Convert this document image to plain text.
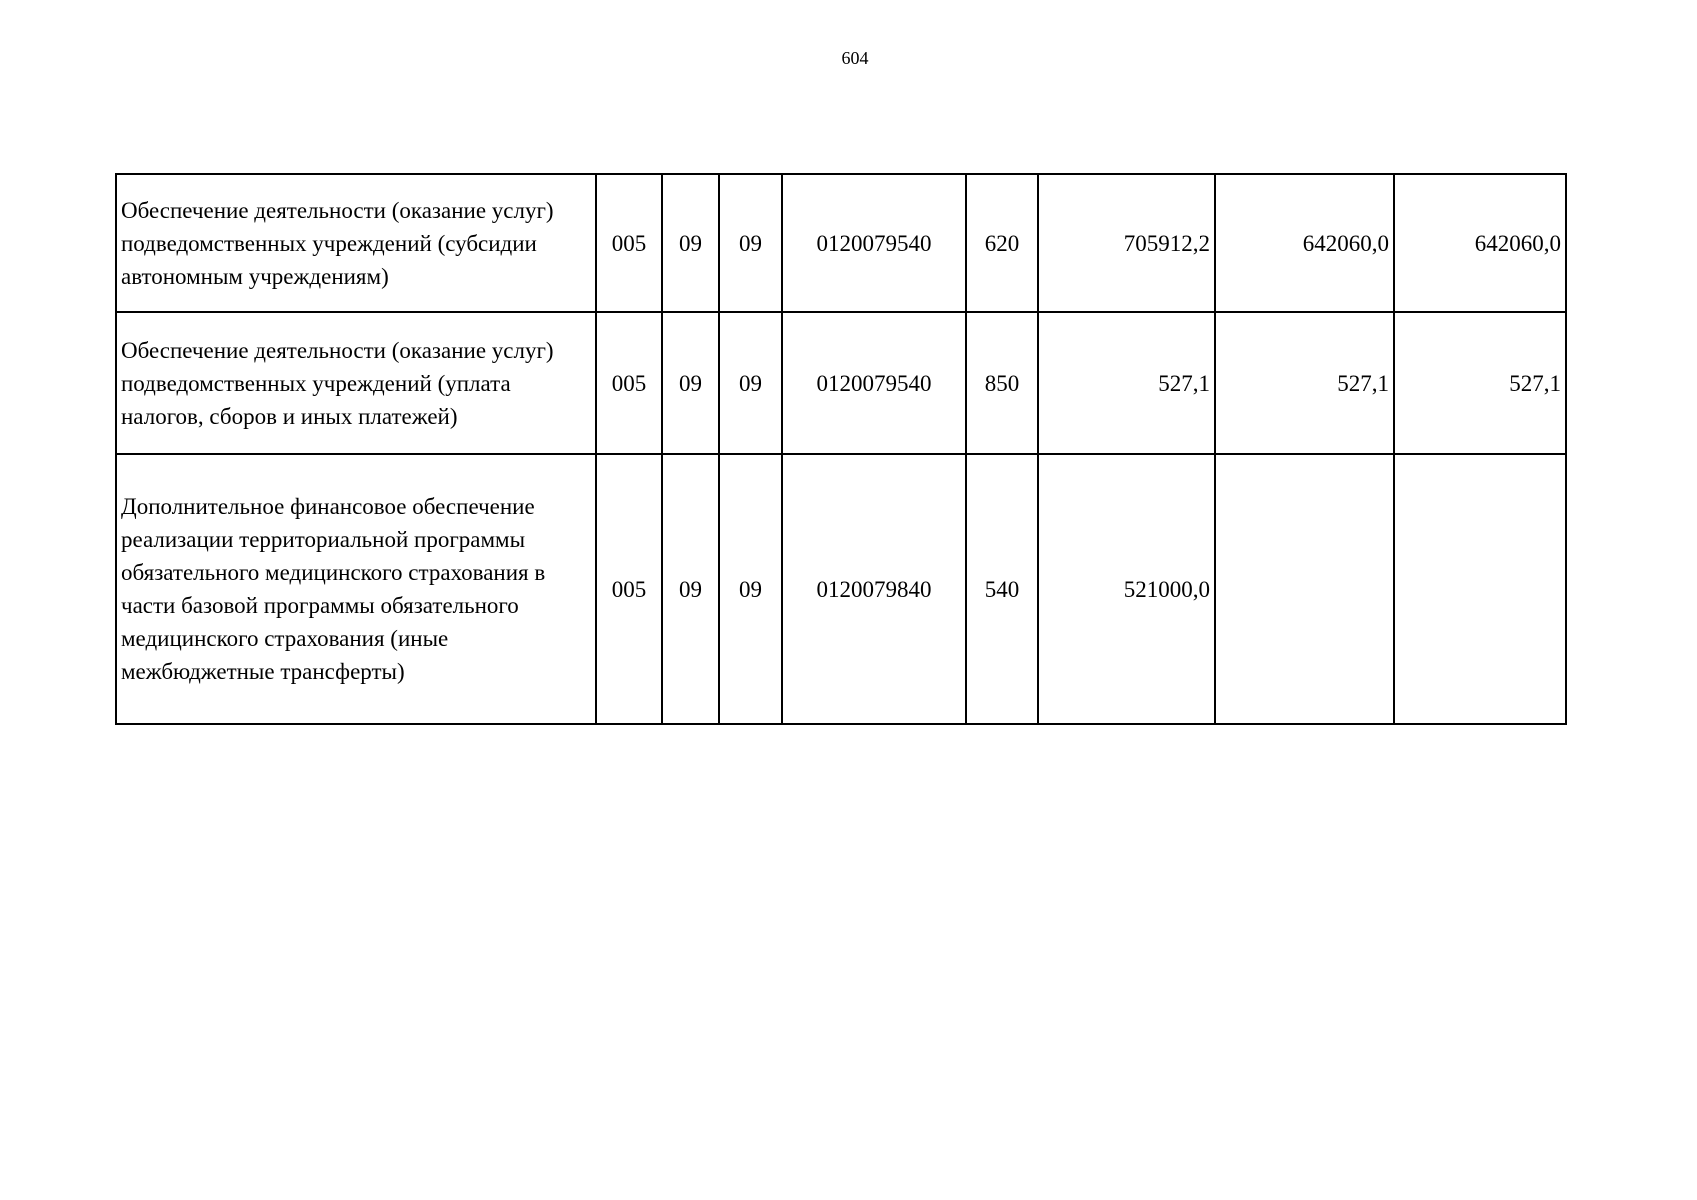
604
Обеспечение деятельности (оказание услуг) подведомственных учреждений (субсидии автономным учреждениям)	005	09	09	0120079540	620	705912,2	642060,0	642060,0
Обеспечение деятельности (оказание услуг) подведомственных учреждений (уплата налогов, сборов и иных платежей)	005	09	09	0120079540	850	527,1	527,1	527,1
Дополнительное финансовое обеспечение реализации территориальной программы обязательного медицинского страхования в части базовой программы обязательного медицинского страхования (иные межбюджетные трансферты)	005	09	09	0120079840	540	521000,0		
